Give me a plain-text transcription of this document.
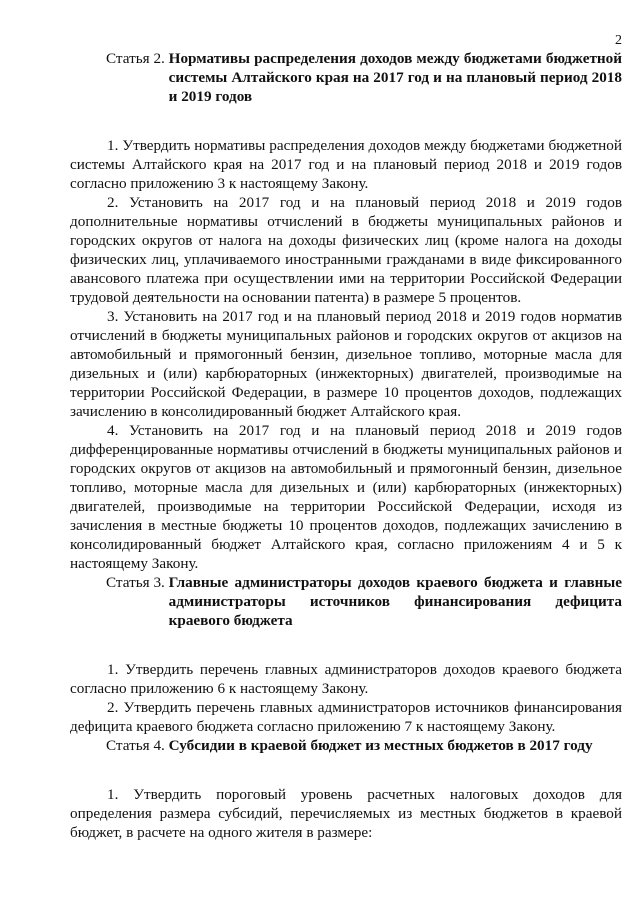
2
Статья 2. Нормативы распределения доходов между бюджетами бюджетной системы Алтайского края на 2017 год и на плановый период 2018 и 2019 годов

1. Утвердить нормативы распределения доходов между бюджетами бюджетной системы Алтайского края на 2017 год и на плановый период 2018 и 2019 годов согласно приложению 3 к настоящему Закону.

2. Установить на 2017 год и на плановый период 2018 и 2019 годов дополнительные нормативы отчислений в бюджеты муниципальных районов и городских округов от налога на доходы физических лиц (кроме налога на доходы физических лиц, уплачиваемого иностранными гражданами в виде фиксированного авансового платежа при осуществлении ими на территории Российской Федерации трудовой деятельности на основании патента) в размере 5 процентов.

3. Установить на 2017 год и на плановый период 2018 и 2019 годов норматив отчислений в бюджеты муниципальных районов и городских округов от акцизов на автомобильный и прямогонный бензин, дизельное топливо, моторные масла для дизельных и (или) карбюраторных (инжекторных) двигателей, производимые на территории Российской Федерации, в размере 10 процентов доходов, подлежащих зачислению в консолидированный бюджет Алтайского края.

4. Установить на 2017 год и на плановый период 2018 и 2019 годов дифференцированные нормативы отчислений в бюджеты муниципальных районов и городских округов от акцизов на автомобильный и прямогонный бензин, дизельное топливо, моторные масла для дизельных и (или) карбюраторных (инжекторных) двигателей, производимые на территории Российской Федерации, исходя из зачисления в местные бюджеты 10 процентов доходов, подлежащих зачислению в консолидированный бюджет Алтайского края, согласно приложениям 4 и 5 к настоящему Закону.

Статья 3. Главные администраторы доходов краевого бюджета и главные администраторы источников финансирования дефицита краевого бюджета

1. Утвердить перечень главных администраторов доходов краевого бюджета согласно приложению 6 к настоящему Закону.

2. Утвердить перечень главных администраторов источников финансирования дефицита краевого бюджета согласно приложению 7 к настоящему Закону.

Статья 4. Субсидии в краевой бюджет из местных бюджетов в 2017 году

1. Утвердить пороговый уровень расчетных налоговых доходов для определения размера субсидий, перечисляемых из местных бюджетов в краевой бюджет, в расчете на одного жителя в размере:
